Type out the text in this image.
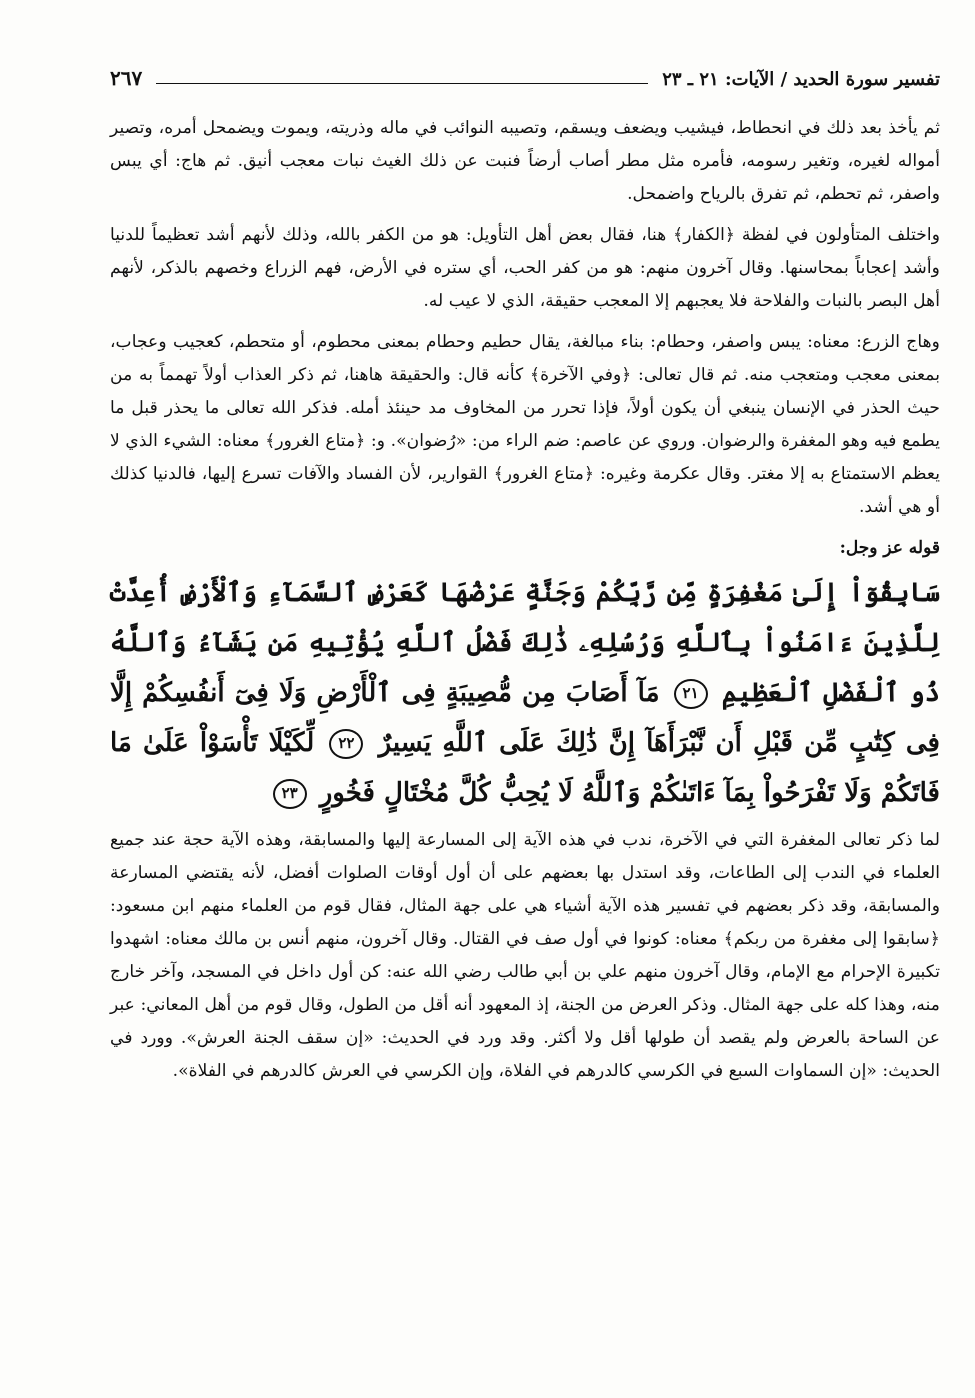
تفسير سورة الحديد / الآيات: ٢١ ـ ٢٣
٢٦٧

ثم يأخذ بعد ذلك في انحطاط، فيشيب ويضعف ويسقم، وتصيبه النوائب في ماله وذريته، ويموت ويضمحل أمره، وتصير أمواله لغيره، وتغير رسومه، فأمره مثل مطر أصاب أرضاً فنبت عن ذلك الغيث نبات معجب أنيق. ثم هاج: أي يبس واصفر، ثم تحطم، ثم تفرق بالرياح واضمحل.

واختلف المتأولون في لفظة ﴿الكفار﴾ هنا، فقال بعض أهل التأويل: هو من الكفر بالله، وذلك لأنهم أشد تعظيماً للدنيا وأشد إعجاباً بمحاسنها. وقال آخرون منهم: هو من كفر الحب، أي ستره في الأرض، فهم الزراع وخصهم بالذكر، لأنهم أهل البصر بالنبات والفلاحة فلا يعجبهم إلا المعجب حقيقة، الذي لا عيب له.

وهاج الزرع: معناه: يبس واصفر، وحطام: بناء مبالغة، يقال حطيم وحطام بمعنى محطوم، أو متحطم، كعجيب وعجاب، بمعنى معجب ومتعجب منه. ثم قال تعالى: ﴿وفي الآخرة﴾ كأنه قال: والحقيقة هاهنا، ثم ذكر العذاب أولاً تهمماً به من حيث الحذر في الإنسان ينبغي أن يكون أولاً، فإذا تحرر من المخاوف مد حينئذ أمله. فذكر الله تعالى ما يحذر قبل ما يطمع فيه وهو المغفرة والرضوان. وروي عن عاصم: ضم الراء من: «رُضوان». و: ﴿متاع الغرور﴾ معناه: الشيء الذي لا يعظم الاستمتاع به إلا مغتر. وقال عكرمة وغيره: ﴿متاع الغرور﴾ القوارير، لأن الفساد والآفات تسرع إليها، فالدنيا كذلك أو هي أشد.

قوله عز وجل:

سَابِقُوٓاْ إِلَىٰ مَغْفِرَةٍ مِّن رَّبِّكُمْ وَجَنَّةٍ عَرْضُهَا كَعَرْضِ ٱلسَّمَآءِ وَٱلْأَرْضِ أُعِدَّتْ لِلَّذِينَ ءَامَنُواْ بِٱللَّهِ وَرُسُلِهِۦ ذَٰلِكَ فَضْلُ ٱللَّهِ يُؤْتِيهِ مَن يَشَآءُ وَٱللَّهُ ذُو ٱلْفَضْلِ ٱلْعَظِيمِ ٢١ مَآ أَصَابَ مِن مُّصِيبَةٍ فِى ٱلْأَرْضِ وَلَا فِىٓ أَنفُسِكُمْ إِلَّا فِى كِتَٰبٍ مِّن قَبْلِ أَن نَّبْرَأَهَآ إِنَّ ذَٰلِكَ عَلَى ٱللَّهِ يَسِيرٌ ٢٢ لِّكَيْلَا تَأْسَوْاْ عَلَىٰ مَا فَاتَكُمْ وَلَا تَفْرَحُواْ بِمَآ ءَاتَىٰكُمْ وَٱللَّهُ لَا يُحِبُّ كُلَّ مُخْتَالٍ فَخُورٍ ٢٣

لما ذكر تعالى المغفرة التي في الآخرة، ندب في هذه الآية إلى المسارعة إليها والمسابقة، وهذه الآية حجة عند جميع العلماء في الندب إلى الطاعات، وقد استدل بها بعضهم على أن أول أوقات الصلوات أفضل، لأنه يقتضي المسارعة والمسابقة، وقد ذكر بعضهم في تفسير هذه الآية أشياء هي على جهة المثال، فقال قوم من العلماء منهم ابن مسعود: ﴿سابقوا إلى مغفرة من ربكم﴾ معناه: كونوا في أول صف في القتال. وقال آخرون، منهم أنس بن مالك معناه: اشهدوا تكبيرة الإحرام مع الإمام، وقال آخرون منهم علي بن أبي طالب رضي الله عنه: كن أول داخل في المسجد، وآخر خارج منه، وهذا كله على جهة المثال. وذكر العرض من الجنة، إذ المعهود أنه أقل من الطول، وقال قوم من أهل المعاني: عبر عن الساحة بالعرض ولم يقصد أن طولها أقل ولا أكثر. وقد ورد في الحديث: «إن سقف الجنة العرش». وورد في الحديث: «إن السماوات السبع في الكرسي كالدرهم في الفلاة، وإن الكرسي في العرش كالدرهم في الفلاة».
